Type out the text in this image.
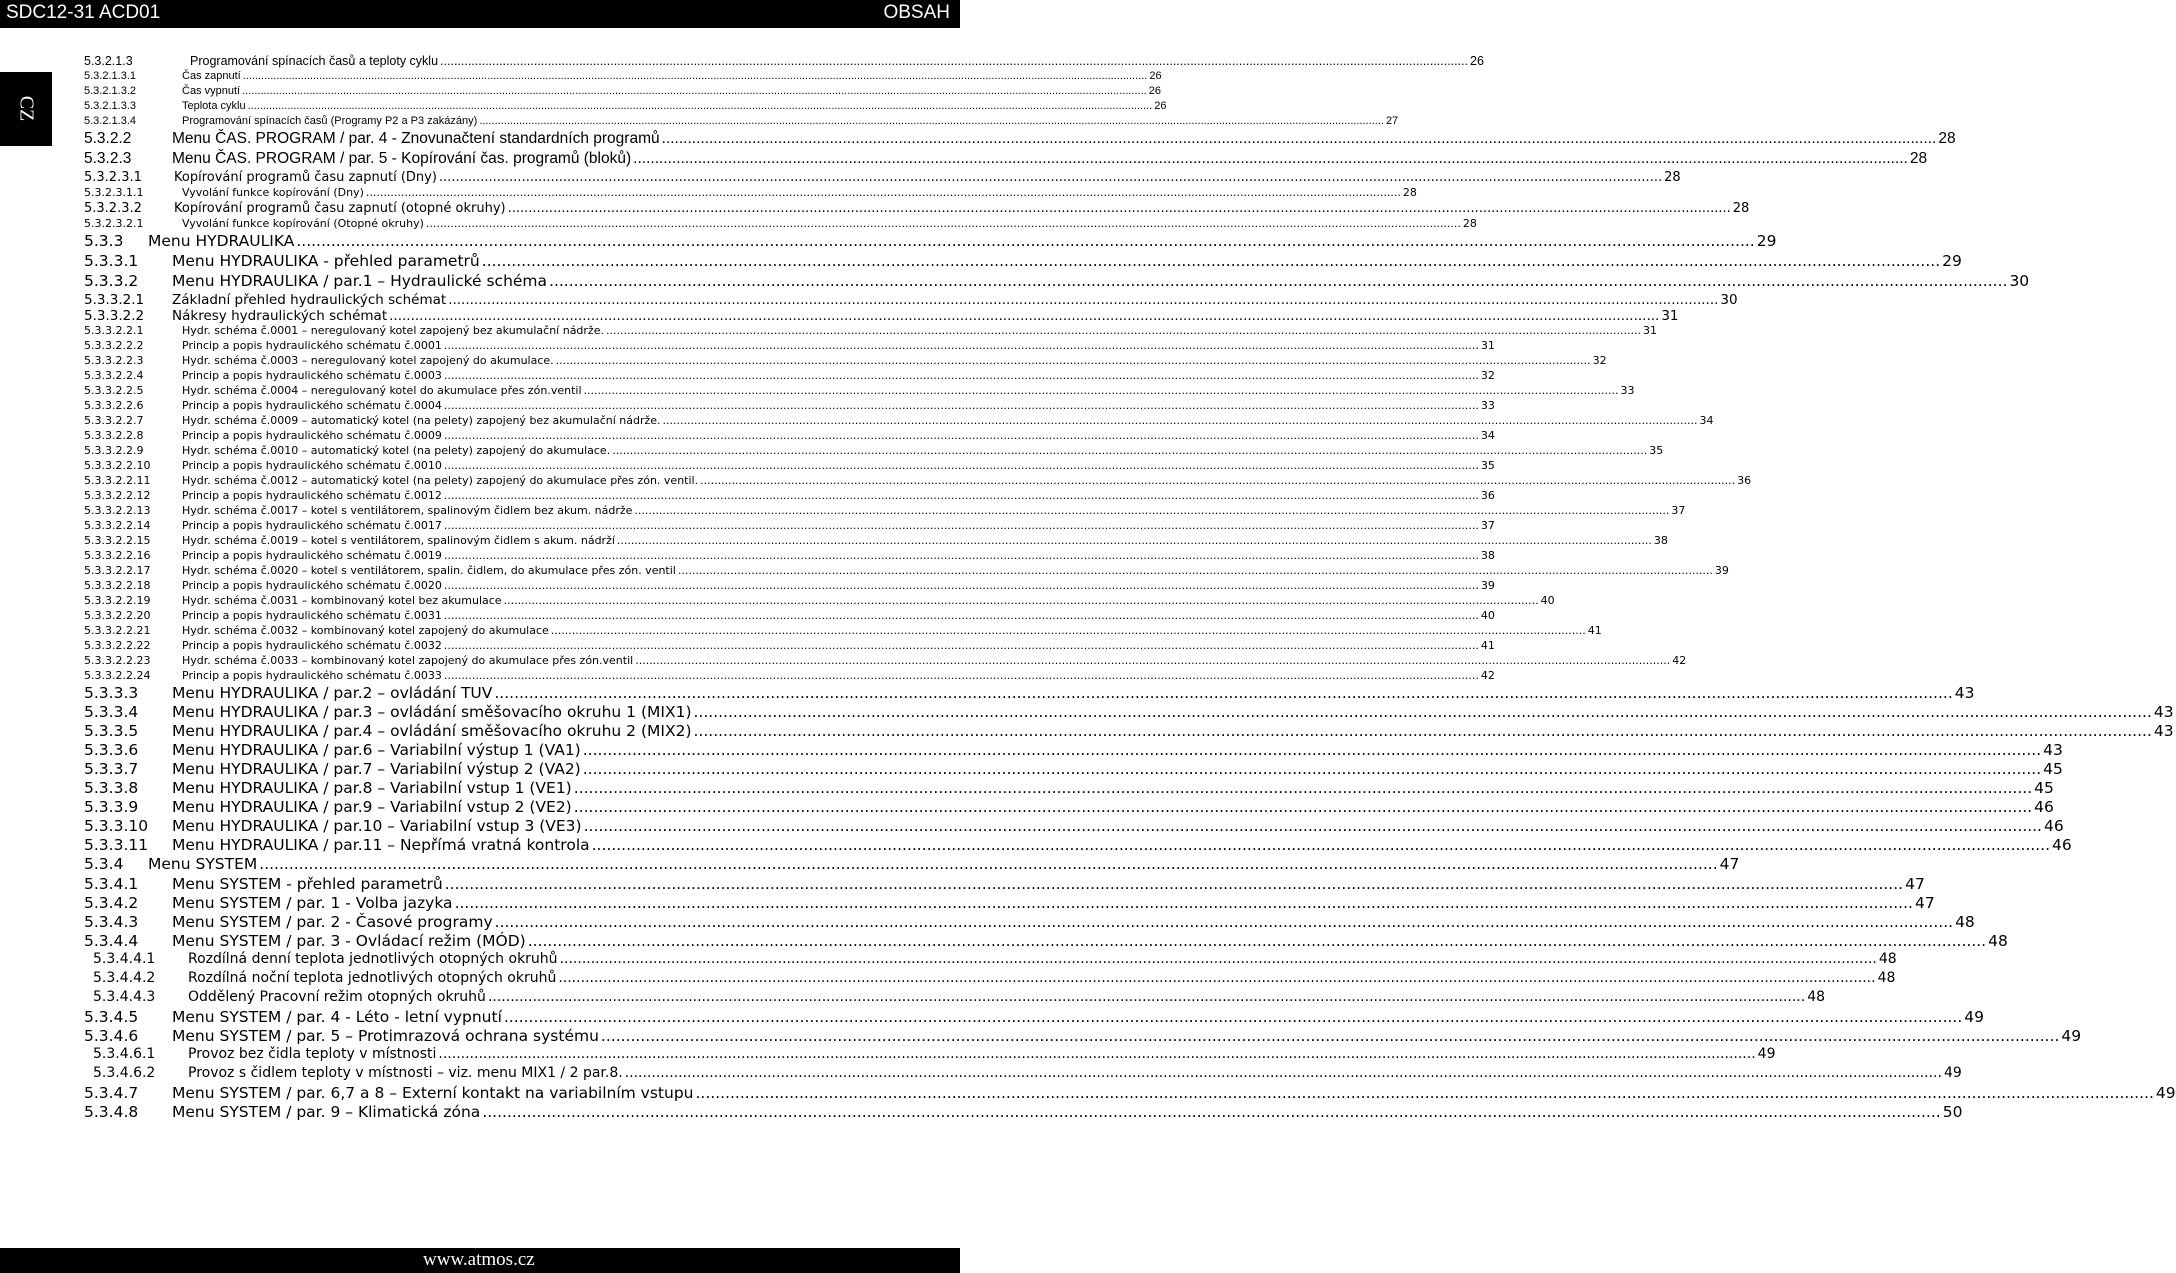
SDC12-31 ACD01	OBSAH
CZ
5.3.2.1.3	Programování spínacích časů a teploty cyklu .....	26
5.3.2.1.3.1	Čas zapnutí .....	26
5.3.2.1.3.2	Čas vypnutí .....	26
5.3.2.1.3.3	Teplota cyklu .....	26
5.3.2.1.3.4	Programování spínacích časů (Programy P2 a P3 zakázány) .....	27
5.3.2.2	Menu ČAS. PROGRAM / par. 4 - Znovunačtení standardních programů .....	28
5.3.2.3	Menu ČAS. PROGRAM / par. 5 - Kopírování čas. programů (bloků) .....	28
5.3.2.3.1	Kopírování programů času zapnutí (Dny) .....	28
5.3.2.3.1.1	Vyvolání funkce kopírování (Dny) .....	28
5.3.2.3.2	Kopírování programů času zapnutí (otopné okruhy) .....	28
5.3.2.3.2.1	Vyvolání funkce kopírování (Otopné okruhy) .....	28
5.3.3	Menu HYDRAULIKA .....	29
5.3.3.1	Menu HYDRAULIKA - přehled parametrů .....	29
5.3.3.2	Menu HYDRAULIKA / par.1 – Hydraulické schéma .....	30
5.3.3.2.1	Základní přehled hydraulických schémat .....	30
5.3.3.2.2	Nákresy hydraulických schémat .....	31
5.3.3.2.2.1	Hydr. schéma č.0001 – neregulovaný kotel zapojený bez akumulační nádrže. .....	31
5.3.3.2.2.2	Princip a popis hydraulického schématu č.0001 .....	31
5.3.3.2.2.3	Hydr. schéma č.0003 – neregulovaný kotel zapojený do akumulace. .....	32
5.3.3.2.2.4	Princip a popis hydraulického schématu č.0003 .....	32
5.3.3.2.2.5	Hydr. schéma č.0004 – neregulovaný kotel do akumulace přes zón.ventil .....	33
5.3.3.2.2.6	Princip a popis hydraulického schématu č.0004 .....	33
5.3.3.2.2.7	Hydr. schéma č.0009 – automatický kotel (na pelety) zapojený bez akumulační nádrže. .....	34
5.3.3.2.2.8	Princip a popis hydraulického schématu č.0009 .....	34
5.3.3.2.2.9	Hydr. schéma č.0010 – automatický kotel (na pelety) zapojený do akumulace. .....	35
5.3.3.2.2.10	Princip a popis hydraulického schématu č.0010 .....	35
5.3.3.2.2.11	Hydr. schéma č.0012 – automatický kotel (na pelety) zapojený do akumulace přes zón. ventil. .....	36
5.3.3.2.2.12	Princip a popis hydraulického schématu č.0012 .....	36
5.3.3.2.2.13	Hydr. schéma č.0017 – kotel s ventilátorem, spalinovým čidlem bez akum. nádrže .....	37
5.3.3.2.2.14	Princip a popis hydraulického schématu č.0017 .....	37
5.3.3.2.2.15	Hydr. schéma č.0019 – kotel s ventilátorem, spalinovým čidlem s akum. nádrží .....	38
5.3.3.2.2.16	Princip a popis hydraulického schématu č.0019 .....	38
5.3.3.2.2.17	Hydr. schéma č.0020 – kotel s ventilátorem, spalin. čidlem, do akumulace přes zón. ventil .....	39
5.3.3.2.2.18	Princip a popis hydraulického schématu č.0020 .....	39
5.3.3.2.2.19	Hydr. schéma č.0031 – kombinovaný kotel bez akumulace .....	40
5.3.3.2.2.20	Princip a popis hydraulického schématu č.0031 .....	40
5.3.3.2.2.21	Hydr. schéma č.0032 – kombinovaný kotel zapojený do akumulace .....	41
5.3.3.2.2.22	Princip a popis hydraulického schématu č.0032 .....	41
5.3.3.2.2.23	Hydr. schéma č.0033 – kombinovaný kotel zapojený do akumulace přes zón.ventil .....	42
5.3.3.2.2.24	Princip a popis hydraulického schématu č.0033 .....	42
5.3.3.3	Menu HYDRAULIKA / par.2 – ovládání TUV .....	43
5.3.3.4	Menu HYDRAULIKA / par.3 – ovládání směšovacího okruhu 1 (MIX1) .....	43
5.3.3.5	Menu HYDRAULIKA / par.4 – ovládání směšovacího okruhu 2 (MIX2) .....	43
5.3.3.6	Menu HYDRAULIKA / par.6 – Variabilní výstup 1 (VA1) .....	43
5.3.3.7	Menu HYDRAULIKA / par.7 – Variabilní výstup 2 (VA2) .....	45
5.3.3.8	Menu HYDRAULIKA / par.8 – Variabilní vstup 1 (VE1) .....	45
5.3.3.9	Menu HYDRAULIKA / par.9 – Variabilní vstup 2 (VE2) .....	46
5.3.3.10	Menu HYDRAULIKA / par.10 – Variabilní vstup 3 (VE3) .....	46
5.3.3.11	Menu HYDRAULIKA / par.11 – Nepřímá vratná kontrola .....	46
5.3.4	Menu SYSTEM .....	47
5.3.4.1	Menu SYSTEM - přehled parametrů .....	47
5.3.4.2	Menu SYSTEM / par. 1 - Volba jazyka .....	47
5.3.4.3	Menu SYSTEM / par. 2 - Časové programy .....	48
5.3.4.4	Menu SYSTEM / par. 3 - Ovládací režim (MÓD) .....	48
5.3.4.4.1	Rozdílná denní teplota jednotlivých otopných okruhů .....	48
5.3.4.4.2	Rozdílná noční teplota jednotlivých otopných okruhů .....	48
5.3.4.4.3	Oddělený Pracovní režim otopných okruhů .....	48
5.3.4.5	Menu SYSTEM / par. 4 - Léto - letní vypnutí .....	49
5.3.4.6	Menu SYSTEM / par. 5 – Protimrazová ochrana systému .....	49
5.3.4.6.1	Provoz bez čidla teploty v místnosti .....	49
5.3.4.6.2	Provoz s čidlem teploty v místnosti – viz. menu MIX1 / 2 par.8. .....	49
5.3.4.7	Menu SYSTEM / par. 6,7 a 8 – Externí kontakt na variabilním vstupu .....	49
5.3.4.8	Menu SYSTEM / par. 9 – Klimatická zóna .....	50
www.atmos.cz
